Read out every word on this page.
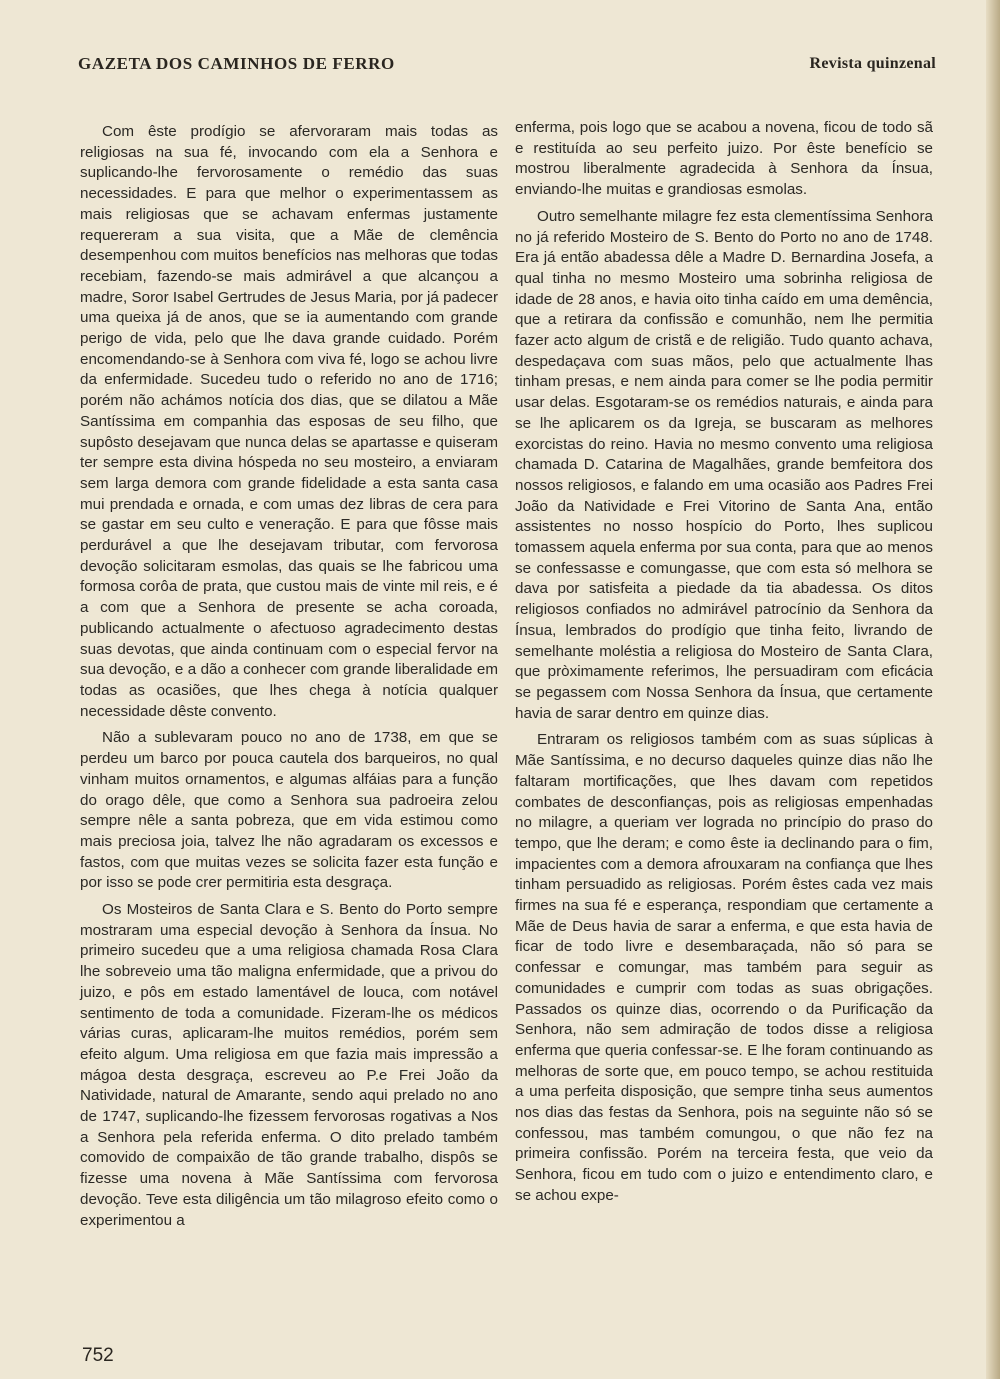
GAZETA DOS CAMINHOS DE FERRO	Revista quinzenal

Com êste prodígio se afervoraram mais todas as religiosas na sua fé, invocando com ela a Senhora e suplicando-lhe fervorosamente o remédio das suas necessidades. E para que melhor o experimentassem as mais religiosas que se achavam enfermas justamente requereram a sua visita, que a Mãe de clemência desempenhou com muitos benefícios nas melhoras que todas recebiam, fazendo-se mais admirável a que alcançou a madre, Soror Isabel Gertrudes de Jesus Maria, por já padecer uma queixa já de anos, que se ia aumentando com grande perigo de vida, pelo que lhe dava grande cuidado. Porém encomendando-se à Senhora com viva fé, logo se achou livre da enfermidade. Sucedeu tudo o referido no ano de 1716; porém não achámos notícia dos dias, que se dilatou a Mãe Santíssima em companhia das esposas de seu filho, que supôsto desejavam que nunca delas se apartasse e quiseram ter sempre esta divina hóspeda no seu mosteiro, a enviaram sem larga demora com grande fidelidade a esta santa casa mui prendada e ornada, e com umas dez libras de cera para se gastar em seu culto e veneração. E para que fôsse mais perdurável a que lhe desejavam tributar, com fervorosa devoção solicitaram esmolas, das quais se lhe fabricou uma formosa corôa de prata, que custou mais de vinte mil reis, e é a com que a Senhora de presente se acha coroada, publicando actualmente o afectuoso agradecimento destas suas devotas, que ainda continuam com o especial fervor na sua devoção, e a dão a conhecer com grande liberalidade em todas as ocasiões, que lhes chega à notícia qualquer necessidade dêste convento.

Não a sublevaram pouco no ano de 1738, em que se perdeu um barco por pouca cautela dos barqueiros, no qual vinham muitos ornamentos, e algumas alfáias para a função do orago dêle, que como a Senhora sua padroeira zelou sempre nêle a santa pobreza, que em vida estimou como mais preciosa joia, talvez lhe não agradaram os excessos e fastos, com que muitas vezes se solicita fazer esta função e por isso se pode crer permitiria esta desgraça.

Os Mosteiros de Santa Clara e S. Bento do Porto sempre mostraram uma especial devoção à Senhora da Ínsua. No primeiro sucedeu que a uma religiosa chamada Rosa Clara lhe sobreveio uma tão maligna enfermidade, que a privou do juizo, e pôs em estado lamentável de louca, com notável sentimento de toda a comunidade. Fizeram-lhe os médicos várias curas, aplicaram-lhe muitos remédios, porém sem efeito algum. Uma religiosa em que fazia mais impressão a mágoa desta desgraça, escreveu ao P.e Frei João da Natividade, natural de Amarante, sendo aqui prelado no ano de 1747, suplicando-lhe fizessem fervorosas rogativas a Nos a Senhora pela referida enferma. O dito prelado também comovido de compaixão de tão grande trabalho, dispôs se fizesse uma novena à Mãe Santíssima com fervorosa devoção. Teve esta diligência um tão milagroso efeito como o experimentou a

enferma, pois logo que se acabou a novena, ficou de todo sã e restituída ao seu perfeito juizo. Por êste benefício se mostrou liberalmente agradecida à Senhora da Ínsua, enviando-lhe muitas e grandiosas esmolas.

Outro semelhante milagre fez esta clementíssima Senhora no já referido Mosteiro de S. Bento do Porto no ano de 1748. Era já então abadessa dêle a Madre D. Bernardina Josefa, a qual tinha no mesmo Mosteiro uma sobrinha religiosa de idade de 28 anos, e havia oito tinha caído em uma demência, que a retirara da confissão e comunhão, nem lhe permitia fazer acto algum de cristã e de religião. Tudo quanto achava, despedaçava com suas mãos, pelo que actualmente lhas tinham presas, e nem ainda para comer se lhe podia permitir usar delas. Esgotaram-se os remédios naturais, e ainda para se lhe aplicarem os da Igreja, se buscaram as melhores exorcistas do reino. Havia no mesmo convento uma religiosa chamada D. Catarina de Magalhães, grande bemfeitora dos nossos religiosos, e falando em uma ocasião aos Padres Frei João da Natividade e Frei Vitorino de Santa Ana, então assistentes no nosso hospício do Porto, lhes suplicou tomassem aquela enferma por sua conta, para que ao menos se confessasse e comungasse, que com esta só melhora se dava por satisfeita a piedade da tia abadessa. Os ditos religiosos confiados no admirável patrocínio da Senhora da Ínsua, lembrados do prodígio que tinha feito, livrando de semelhante moléstia a religiosa do Mosteiro de Santa Clara, que pròximamente referimos, lhe persuadiram com eficácia se pegassem com Nossa Senhora da Ínsua, que certamente havia de sarar dentro em quinze dias.

Entraram os religiosos também com as suas súplicas à Mãe Santíssima, e no decurso daqueles quinze dias não lhe faltaram mortificações, que lhes davam com repetidos combates de desconfianças, pois as religiosas empenhadas no milagre, a queriam ver lograda no princípio do praso do tempo, que lhe deram; e como êste ia declinando para o fim, impacientes com a demora afrouxaram na confiança que lhes tinham persuadido as religiosas. Porém êstes cada vez mais firmes na sua fé e esperança, respondiam que certamente a Mãe de Deus havia de sarar a enferma, e que esta havia de ficar de todo livre e desembaraçada, não só para se confessar e comungar, mas também para seguir as comunidades e cumprir com todas as suas obrigações. Passados os quinze dias, ocorrendo o da Purificação da Senhora, não sem admiração de todos disse a religiosa enferma que queria confessar-se. E lhe foram continuando as melhoras de sorte que, em pouco tempo, se achou restituida a uma perfeita disposição, que sempre tinha seus aumentos nos dias das festas da Senhora, pois na seguinte não só se confessou, mas também comungou, o que não fez na primeira confissão. Porém na terceira festa, que veio da Senhora, ficou em tudo com o juizo e entendimento claro, e se achou expe-

752
